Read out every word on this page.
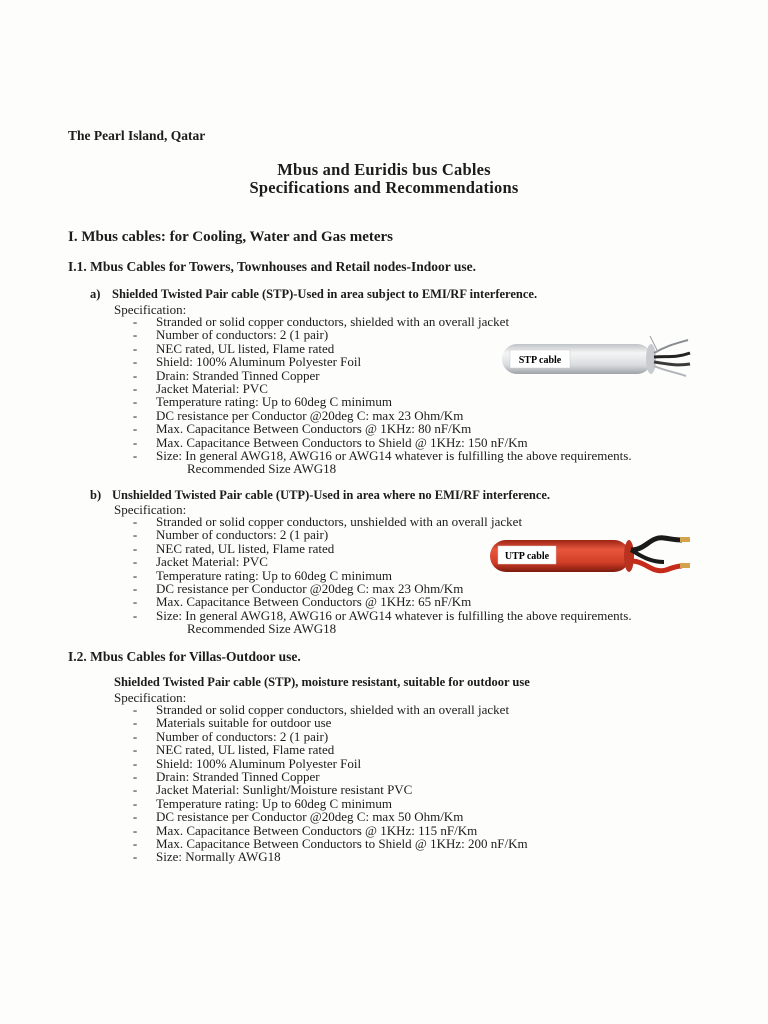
The Pearl Island, Qatar
Mbus and Euridis bus Cables
Specifications and Recommendations
I. Mbus cables: for Cooling, Water and Gas meters
I.1. Mbus Cables for Towers, Townhouses and Retail nodes-Indoor use.
a) Shielded Twisted Pair cable (STP)-Used in area subject to EMI/RF interference.
Specification:
- Stranded or solid copper conductors, shielded with an overall jacket
- Number of conductors: 2 (1 pair)
- NEC rated, UL listed, Flame rated
- Shield: 100% Aluminum Polyester Foil
- Drain: Stranded Tinned Copper
- Jacket Material: PVC
- Temperature rating: Up to 60deg C minimum
- DC resistance per Conductor @20deg C: max 23 Ohm/Km
- Max. Capacitance Between Conductors @ 1KHz: 80 nF/Km
- Max. Capacitance Between Conductors to Shield @ 1KHz: 150 nF/Km
- Size: In general AWG18, AWG16 or AWG14 whatever is fulfilling the above requirements.
Recommended Size AWG18
STP cable
b) Unshielded Twisted Pair cable (UTP)-Used in area where no EMI/RF interference.
Specification:
- Stranded or solid copper conductors, unshielded with an overall jacket
- Number of conductors: 2 (1 pair)
- NEC rated, UL listed, Flame rated
- Jacket Material: PVC
- Temperature rating: Up to 60deg C minimum
- DC resistance per Conductor @20deg C: max 23 Ohm/Km
- Max. Capacitance Between Conductors @ 1KHz: 65 nF/Km
- Size: In general AWG18, AWG16 or AWG14 whatever is fulfilling the above requirements.
Recommended Size AWG18
UTP cable
I.2. Mbus Cables for Villas-Outdoor use.
Shielded Twisted Pair cable (STP), moisture resistant, suitable for outdoor use
Specification:
- Stranded or solid copper conductors, shielded with an overall jacket
- Materials suitable for outdoor use
- Number of conductors: 2 (1 pair)
- NEC rated, UL listed, Flame rated
- Shield: 100% Aluminum Polyester Foil
- Drain: Stranded Tinned Copper
- Jacket Material: Sunlight/Moisture resistant PVC
- Temperature rating: Up to 60deg C minimum
- DC resistance per Conductor @20deg C: max 50 Ohm/Km
- Max. Capacitance Between Conductors @ 1KHz: 115 nF/Km
- Max. Capacitance Between Conductors to Shield @ 1KHz: 200 nF/Km
- Size: Normally AWG18
